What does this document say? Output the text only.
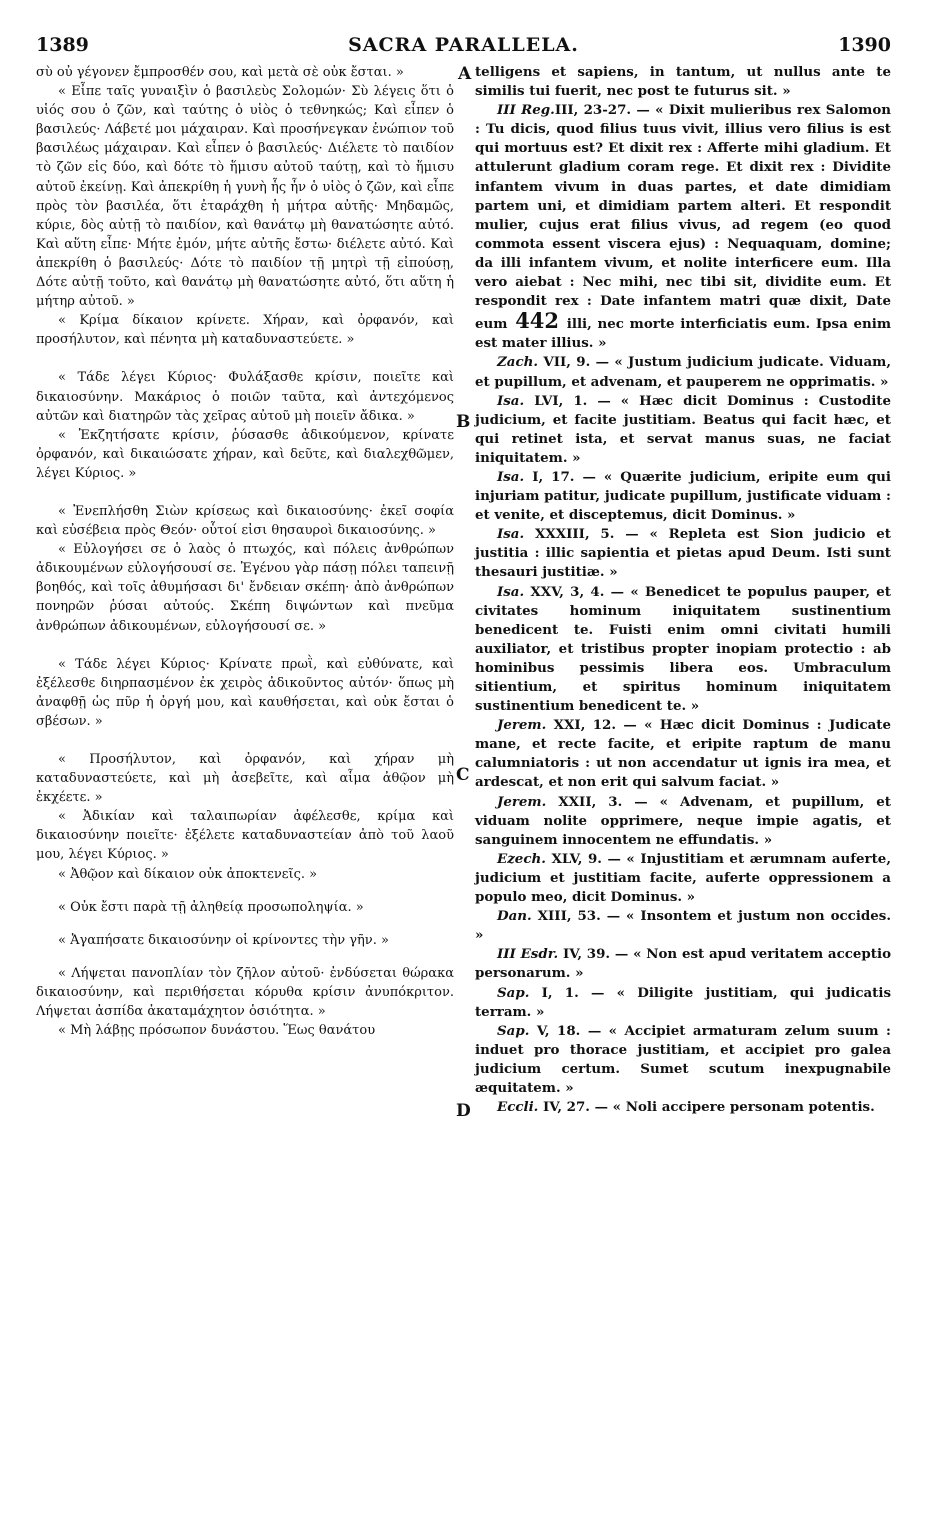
SACRA PARALLELA.
1389	1390
A
B
C
D

σὺ οὐ γέγονεν ἔμπροσθέν σου, καὶ μετὰ σὲ οὐκ ἔσται. »

« Εἶπε ταῖς γυναιξὶν ὁ βασιλεὺς Σολομών· Σὺ λέγεις ὅτι ὁ υἱός σου ὁ ζῶν, καὶ ταύτης ὁ υἱὸς ὁ τεθνηκώς; Καὶ εἶπεν ὁ βασιλεύς· Λάβετέ μοι μάχαιραν. Καὶ προσήνεγκαν ἐνώπιον τοῦ βασιλέως μάχαιραν. Καὶ εἶπεν ὁ βασιλεύς· Διέλετε τὸ παιδίον τὸ ζῶν εἰς δύο, καὶ δότε τὸ ἥμισυ αὐτοῦ ταύτῃ, καὶ τὸ ἥμισυ αὐτοῦ ἐκείνῃ. Καὶ ἀπεκρίθη ἡ γυνὴ ἧς ἦν ὁ υἱὸς ὁ ζῶν, καὶ εἶπε πρὸς τὸν βασιλέα, ὅτι ἐταράχθη ἡ μήτρα αὐτῆς· Μηδαμῶς, κύριε, δὸς αὐτῇ τὸ παιδίον, καὶ θανάτῳ μὴ θανατώσητε αὐτό. Καὶ αὕτη εἶπε· Μήτε ἐμόν, μήτε αὐτῆς ἔστω· διέλετε αὐτό. Καὶ ἀπεκρίθη ὁ βασιλεύς· Δότε τὸ παιδίον τῇ μητρὶ τῇ εἰπούσῃ, Δότε αὐτῇ τοῦτο, καὶ θανάτῳ μὴ θανατώσητε αὐτό, ὅτι αὕτη ἡ μήτηρ αὐτοῦ. »

« Κρίμα δίκαιον κρίνετε. Χήραν, καὶ ὀρφανόν, καὶ προσήλυτον, καὶ πένητα μὴ καταδυναστεύετε. »

« Τάδε λέγει Κύριος· Φυλάξασθε κρίσιν, ποιεῖτε καὶ δικαιοσύνην. Μακάριος ὁ ποιῶν ταῦτα, καὶ ἀντεχόμενος αὐτῶν καὶ διατηρῶν τὰς χεῖρας αὐτοῦ μὴ ποιεῖν ἄδικα. »

« Ἐκζητήσατε κρίσιν, ῥύσασθε ἀδικούμενον, κρίνατε ὀρφανόν, καὶ δικαιώσατε χήραν, καὶ δεῦτε, καὶ διαλεχθῶμεν, λέγει Κύριος. »

« Ἐνεπλήσθη Σιὼν κρίσεως καὶ δικαιοσύνης· ἐκεῖ σοφία καὶ εὐσέβεια πρὸς Θεόν· οὗτοί εἰσι θησαυροὶ δικαιοσύνης. »

« Εὐλογήσει σε ὁ λαὸς ὁ πτωχός, καὶ πόλεις ἀνθρώπων ἀδικουμένων εὐλογήσουσί σε. Ἐγένου γὰρ πάσῃ πόλει ταπεινῇ βοηθός, καὶ τοῖς ἀθυμήσασι δι' ἔνδειαν σκέπη· ἀπὸ ἀνθρώπων πονηρῶν ῥύσαι αὐτούς. Σκέπη διψώντων καὶ πνεῦμα ἀνθρώπων ἀδικουμένων, εὐλογήσουσί σε. »

« Τάδε λέγει Κύριος· Κρίνατε πρωῒ, καὶ εὐθύνατε, καὶ ἐξέλεσθε διηρπασμένον ἐκ χειρὸς ἀδικοῦντος αὐτόν· ὅπως μὴ ἀναφθῇ ὡς πῦρ ἡ ὀργή μου, καὶ καυθήσεται, καὶ οὐκ ἔσται ὁ σβέσων. »

« Προσήλυτον, καὶ ὀρφανόν, καὶ χήραν μὴ καταδυναστεύετε, καὶ μὴ ἀσεβεῖτε, καὶ αἷμα ἀθῷον μὴ ἐκχέετε. »

« Ἀδικίαν καὶ ταλαιπωρίαν ἀφέλεσθε, κρίμα καὶ δικαιοσύνην ποιεῖτε· ἐξέλετε καταδυναστείαν ἀπὸ τοῦ λαοῦ μου, λέγει Κύριος. »

« Ἀθῷον καὶ δίκαιον οὐκ ἀποκτενεῖς. »

« Οὐκ ἔστι παρὰ τῇ ἀληθείᾳ προσωποληψία. »

« Ἀγαπήσατε δικαιοσύνην οἱ κρίνοντες τὴν γῆν. »

« Λήψεται πανοπλίαν τὸν ζῆλον αὐτοῦ· ἐνδύσεται θώρακα δικαιοσύνην, καὶ περιθήσεται κόρυθα κρίσιν ἀνυπόκριτον. Λήψεται ἀσπίδα ἀκαταμάχητον ὁσιότητα. »

« Μὴ λάβῃς πρόσωπον δυνάστου. Ἕως θανάτου

telligens et sapiens, in tantum, ut nullus ante te similis tui fuerit, nec post te futurus sit. »

III Reg.III, 23-27. — « Dixit mulieribus rex Salomon : Tu dicis, quod filius tuus vivit, illius vero filius is est qui mortuus est? Et dixit rex : Afferte mihi gladium. Et attulerunt gladium coram rege. Et dixit rex : Dividite infantem vivum in duas partes, et date dimidiam partem uni, et dimidiam partem alteri. Et respondit mulier, cujus erat filius vivus, ad regem (eo quod commota essent viscera ejus) : Nequaquam, domine; da illi infantem vivum, et nolite interficere eum. Illa vero aiebat : Nec mihi, nec tibi sit, dividite eum. Et respondit rex : Date infantem matri quæ dixit, Date eum 442 illi, nec morte interficiatis eum. Ipsa enim est mater illius. »

Zach. VII, 9. — « Justum judicium judicate. Viduam, et pupillum, et advenam, et pauperem ne opprimatis. »

Isa. LVI, 1. — « Hæc dicit Dominus : Custodite judicium, et facite justitiam. Beatus qui facit hæc, et qui retinet ista, et servat manus suas, ne faciat iniquitatem. »

Isa. I, 17. — « Quærite judicium, eripite eum qui injuriam patitur, judicate pupillum, justificate viduam : et venite, et disceptemus, dicit Dominus. »

Isa. XXXIII, 5. — « Repleta est Sion judicio et justitia : illic sapientia et pietas apud Deum. Isti sunt thesauri justitiæ. »

Isa. XXV, 3, 4. — « Benedicet te populus pauper, et civitates hominum iniquitatem sustinentium benedicent te. Fuisti enim omni civitati humili auxiliator, et tristibus propter inopiam protectio : ab hominibus pessimis libera eos. Umbraculum sitientium, et spiritus hominum iniquitatem sustinentium benedicent te. »

Jerem. XXI, 12. — « Hæc dicit Dominus : Judicate mane, et recte facite, et eripite raptum de manu calumniatoris : ut non accendatur ut ignis ira mea, et ardescat, et non erit qui salvum faciat. »

Jerem. XXII, 3. — « Advenam, et pupillum, et viduam nolite opprimere, neque impie agatis, et sanguinem innocentem ne effundatis. »

Ezech. XLV, 9. — « Injustitiam et ærumnam auferte, judicium et justitiam facite, auferte oppressionem a populo meo, dicit Dominus. »

Dan. XIII, 53. — « Insontem et justum non occides. »

III Esdr. IV, 39. — « Non est apud veritatem acceptio personarum. »

Sap. I, 1. — « Diligite justitiam, qui judicatis terram. »

Sap. V, 18. — « Accipiet armaturam zelum suum : induet pro thorace justitiam, et accipiet pro galea judicium certum. Sumet scutum inexpugnabile æquitatem. »

Eccli. IV, 27. — « Noli accipere personam potentis.
